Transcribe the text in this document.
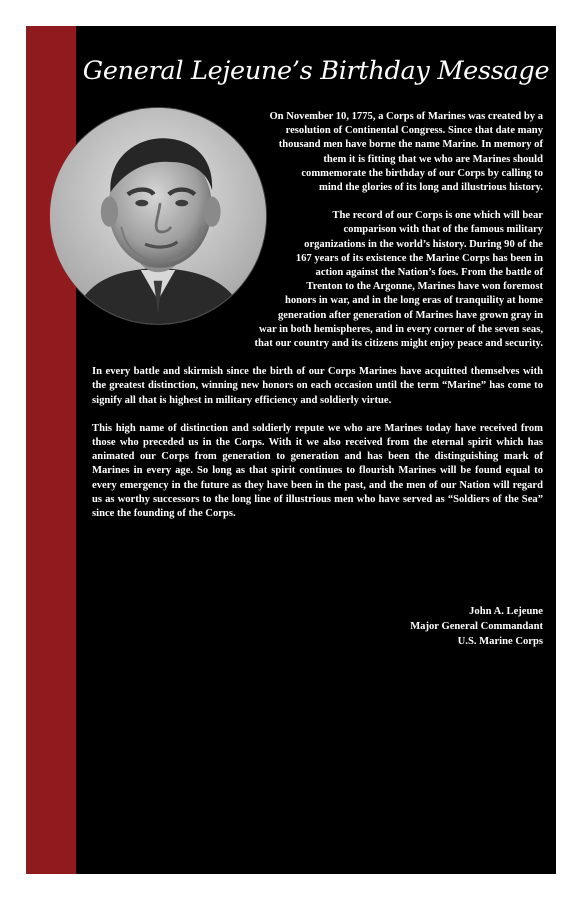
General Lejeune’s Birthday Message

On November 10, 1775, a Corps of Marines was created by a resolution of Continental Congress. Since that date many thousand men have borne the name Marine. In memory of them it is fitting that we who are Marines should commemorate the birthday of our Corps by calling to mind the glories of its long and illustrious history.

The record of our Corps is one which will bear comparison with that of the famous military organizations in the world’s history. During 90 of the 167 years of its existence the Marine Corps has been in action against the Nation’s foes. From the battle of Trenton to the Argonne, Marines have won foremost honors in war, and in the long eras of tranquility at home generation after generation of Marines have grown gray in war in both hemispheres, and in every corner of the seven seas, that our country and its citizens might enjoy peace and security.

In every battle and skirmish since the birth of our Corps Marines have acquitted themselves with the greatest distinction, winning new honors on each occasion until the term “Marine” has come to signify all that is highest in military efficiency and soldierly virtue.

This high name of distinction and soldierly repute we who are Marines today have received from those who preceded us in the Corps. With it we also received from the eternal spirit which has animated our Corps from generation to generation and has been the distinguishing mark of Marines in every age. So long as that spirit continues to flourish Marines will be found equal to every emergency in the future as they have been in the past, and the men of our Nation will regard us as worthy successors to the long line of illustrious men who have served as “Soldiers of the Sea” since the founding of the Corps.

John A. Lejeune
Major General Commandant
U.S. Marine Corps
